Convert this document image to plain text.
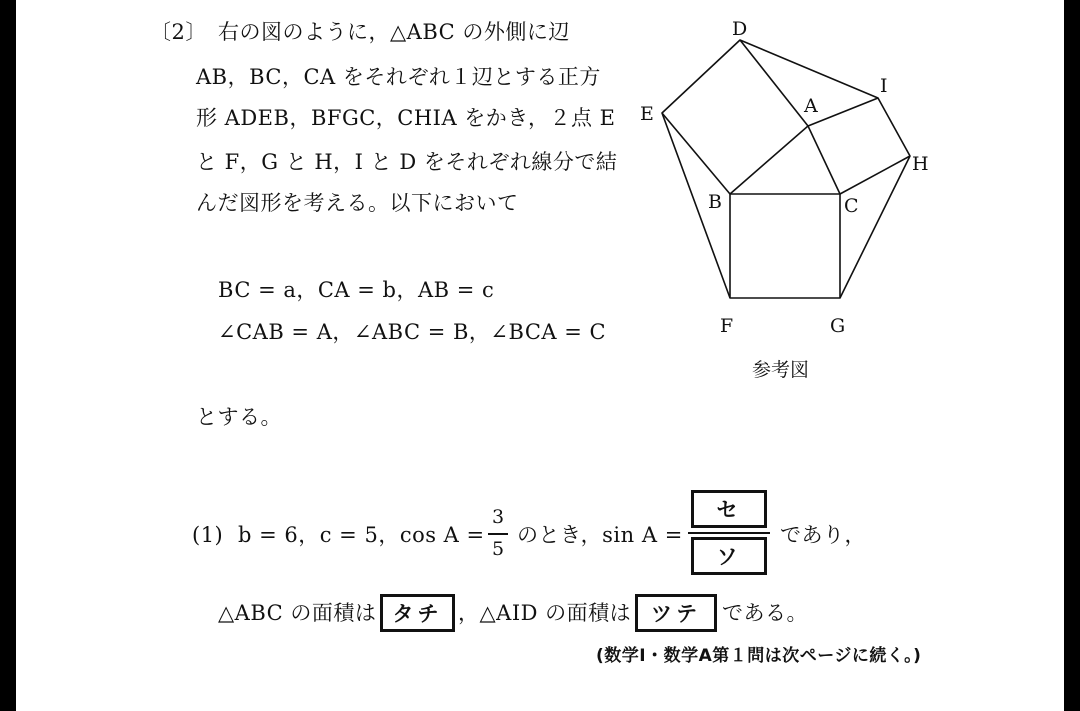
〔2〕 右の図のように，△ABC の外側に辺
AB，BC，CA をそれぞれ１辺とする正方
形 ADEB，BFGC，CHIA をかき，２点 E
と F，G と H，I と D をそれぞれ線分で結
んだ図形を考える。以下において
BC = a，CA = b，AB = c
∠CAB = A，∠ABC = B，∠BCA = C
とする。
D
I
A
E
H
B	C
F	G
参考図
(1) b = 6，c = 5，cos A =
3
5
のとき，sin A =
セ
ソ
であり，
△ABC の面積は タチ ，△AID の面積は ツテ	である。
(数学Ⅰ・数学A第１問は次ページに続く。)
